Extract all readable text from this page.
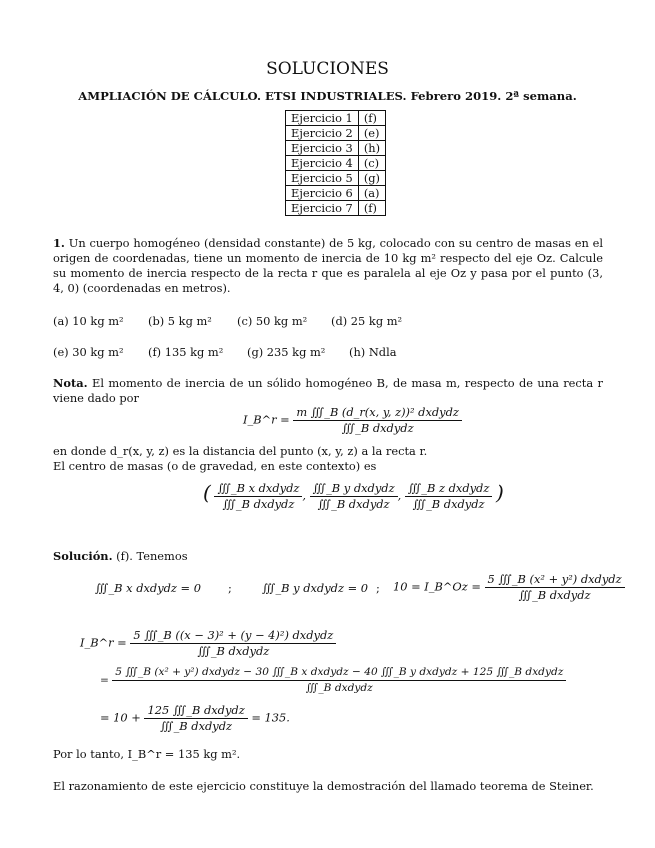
SOLUCIONES
AMPLIACIÓN DE CÁLCULO. ETSI INDUSTRIALES. Febrero 2019. 2ª semana.
Ejercicio 1	(f)
Ejercicio 2	(e)
Ejercicio 3	(h)
Ejercicio 4	(c)
Ejercicio 5	(g)
Ejercicio 6	(a)
Ejercicio 7	(f)
1. Un cuerpo homogéneo (densidad constante) de 5 kg, colocado con su centro de masas en el origen de coordenadas, tiene un momento de inercia de 10 kg m² respecto del eje Oz. Calcule su momento de inercia respecto de la recta r que es paralela al eje Oz y pasa por el punto (3, 4, 0) (coordenadas en metros).
(a) 10 kg m² (b) 5 kg m² (c) 50 kg m² (d) 25 kg m²
(e) 30 kg m² (f) 135 kg m² (g) 235 kg m² (h) Ndla
Nota. El momento de inercia de un sólido homogéneo B, de masa m, respecto de una recta r viene dado por
I_B^r = $\frac{\text{m ∭\_B (d\_r(x, y, z))² dxdydz}}{\text{∭\_B dxdydz}}$
en donde d_r(x, y, z) es la distancia del punto (x, y, z) a la recta r.
El centro de masas (o de gravedad, en este contexto) es
( $\frac{\text{∭\_B x dxdydz}}{\text{∭\_B dxdydz}}$ , $\frac{\text{∭\_B y dxdydz}}{\text{∭\_B dxdydz}}$ , $\frac{\text{∭\_B z dxdydz}}{\text{∭\_B dxdydz}}$ )
Solución. (f). Tenemos
∭_B x dxdydz = 0 ;	∭_B y dxdydz = 0 ; 10 = I_B^Oz = $\frac{\text{5 ∭\_B (x² + y²) dxdydz}}{\text{∭\_B dxdydz}}$
I_B^r = $\frac{\text{5 ∭\_B ((x − 3)² + (y − 4)²) dxdydz}}{\text{∭\_B dxdydz}}$
=
5 ∭_B (x² + y²) dxdydz − 30 ∭_B x dxdydz − 40 ∭_B y dxdydz + 125 ∭_B dxdydz
∭_B dxdydz
= $10 + \frac{\text{125 ∭\_B dxdydz}}{\text{∭\_B dxdydz}} = 135$.
Por lo tanto, I_B^r = 135 kg m².
El razonamiento de este ejercicio constituye la demostración del llamado teorema de Steiner.
